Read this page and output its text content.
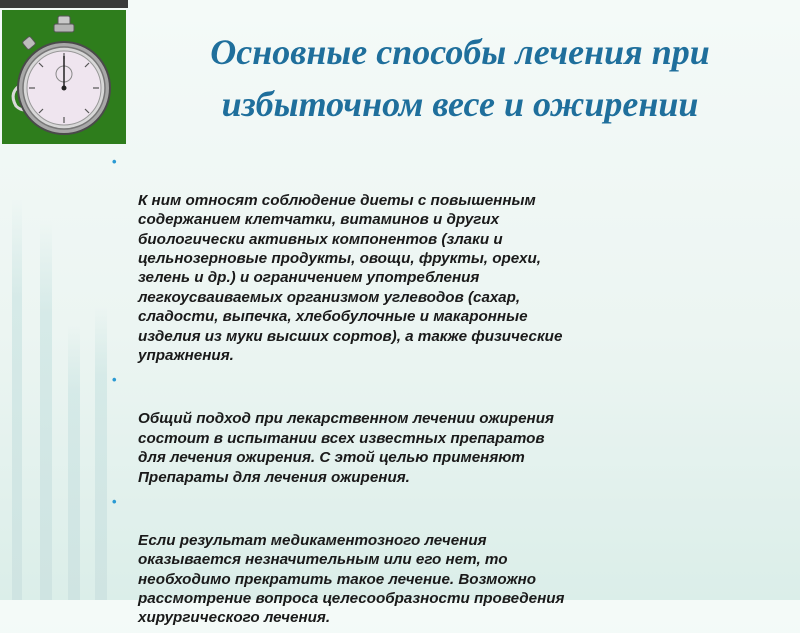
Основные способы лечения при
избыточном весе и ожирении

•

К ним относят соблюдение диеты с повышенным
содержанием клетчатки, витаминов и других
биологически активных компонентов (злаки и
цельнозерновые продукты, овощи, фрукты, орехи,
зелень и др.) и ограничением употребления
легкоусваиваемых организмом углеводов (сахар,
сладости, выпечка, хлебобулочные и макаронные
изделия из муки высших сортов), а также физические
упражнения.

•

Общий подход при лекарственном лечении ожирения
состоит в испытании всех известных препаратов
для лечения ожирения. С этой целью применяют
Препараты для лечения ожирения.

•

Если результат медикаментозного лечения
оказывается незначительным или его нет, то
необходимо прекратить такое лечение. Возможно
рассмотрение вопроса целесообразности проведения
хирургического лечения.
